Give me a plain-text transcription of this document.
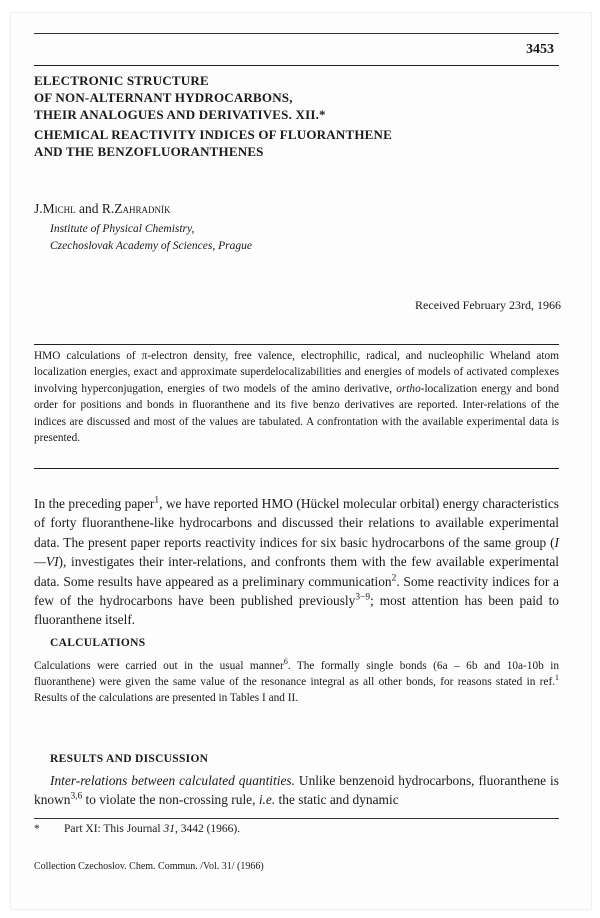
3453
ELECTRONIC STRUCTURE
OF NON-ALTERNANT HYDROCARBONS,
THEIR ANALOGUES AND DERIVATIVES. XII.*
CHEMICAL REACTIVITY INDICES OF FLUORANTHENE
AND THE BENZOFLUORANTHENES
J.Michl and R.Zahradník
Institute of Physical Chemistry,
Czechoslovak Academy of Sciences, Prague
Received February 23rd, 1966
HMO calculations of π-electron density, free valence, electrophilic, radical, and nucleophilic Wheland atom localization energies, exact and approximate superdelocalizabilities and energies of models of activated complexes involving hyperconjugation, energies of two models of the amino derivative, ortho-localization energy and bond order for positions and bonds in fluoranthene and its five benzo derivatives are reported. Inter-relations of the indices are discussed and most of the values are tabulated. A confrontation with the available experimental data is presented.
In the preceding paper$^1$, we have reported HMO (Hückel molecular orbital) energy characteristics of forty fluoranthene-like hydrocarbons and discussed their relations to available experimental data. The present paper reports reactivity indices for six basic hydrocarbons of the same group (I—VI), investigates their inter-relations, and confronts them with the few available experimental data. Some results have appeared as a preliminary communication$^2$. Some reactivity indices for a few of the hydrocarbons have been published previously$^{3-9}$; most attention has been paid to fluoranthene itself.
CALCULATIONS
Calculations were carried out in the usual manner$^6$. The formally single bonds (6a – 6b and 10a-10b in fluoranthene) were given the same value of the resonance integral as all other bonds, for reasons stated in ref.$^1$ Results of the calculations are presented in Tables I and II.
RESULTS AND DISCUSSION
Inter-relations between calculated quantities. Unlike benzenoid hydrocarbons, fluoranthene is known$^{3,6}$ to violate the non-crossing rule, i.e. the static and dynamic
* Part XI: This Journal 31, 3442 (1966).
Collection Czechoslov. Chem. Commun. /Vol. 31/ (1966)
